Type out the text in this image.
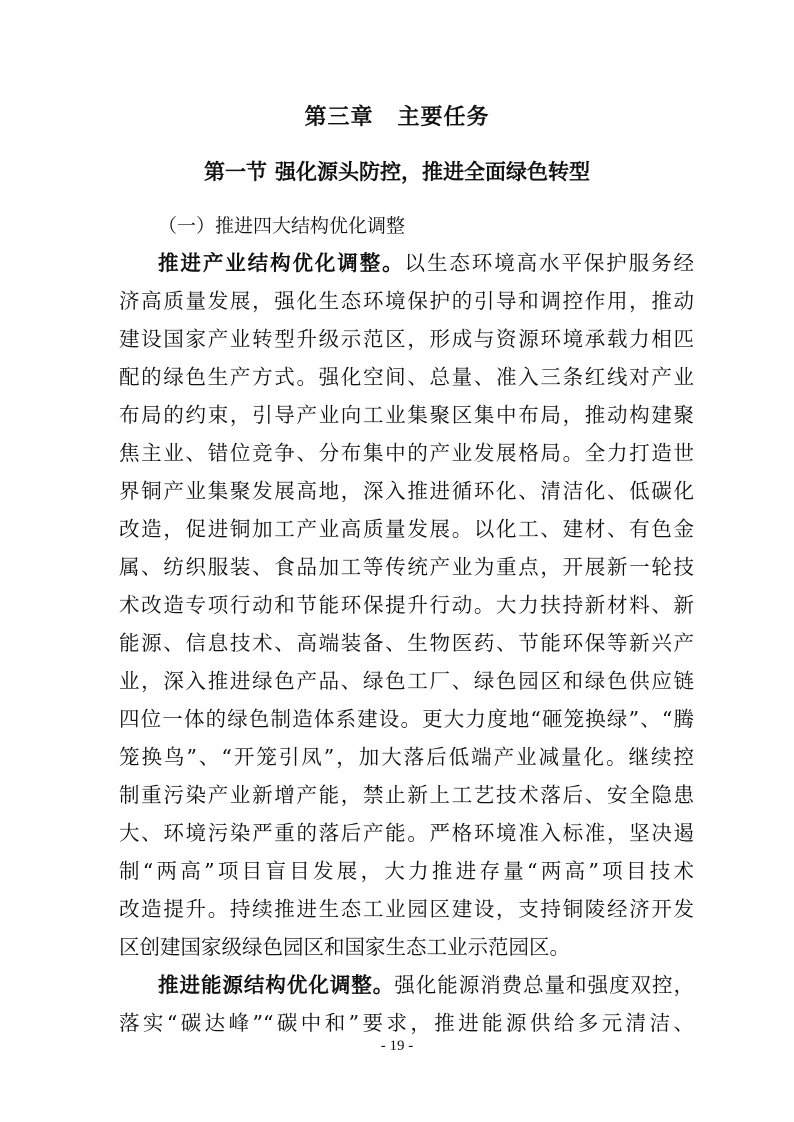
第三章 主要任务
第一节 强化源头防控，推进全面绿色转型
（一）推进四大结构优化调整
推进产业结构优化调整。以生态环境高水平保护服务经
济高质量发展，强化生态环境保护的引导和调控作用，推动
建设国家产业转型升级示范区，形成与资源环境承载力相匹
配的绿色生产方式。强化空间、总量、准入三条红线对产业
布局的约束，引导产业向工业集聚区集中布局，推动构建聚
焦主业、错位竞争、分布集中的产业发展格局。全力打造世
界铜产业集聚发展高地，深入推进循环化、清洁化、低碳化
改造，促进铜加工产业高质量发展。以化工、建材、有色金
属、纺织服装、食品加工等传统产业为重点，开展新一轮技
术改造专项行动和节能环保提升行动。大力扶持新材料、新
能源、信息技术、高端装备、生物医药、节能环保等新兴产
业，深入推进绿色产品、绿色工厂、绿色园区和绿色供应链
四位一体的绿色制造体系建设。更大力度地“砸笼换绿”、“腾
笼换鸟”、“开笼引凤”，加大落后低端产业减量化。继续控
制重污染产业新增产能，禁止新上工艺技术落后、安全隐患
大、环境污染严重的落后产能。严格环境准入标准，坚决遏
制“两高”项目盲目发展，大力推进存量“两高”项目技术
改造提升。持续推进生态工业园区建设，支持铜陵经济开发
区创建国家级绿色园区和国家生态工业示范园区。
推进能源结构优化调整。强化能源消费总量和强度双控，
落实“碳达峰”“碳中和”要求，推进能源供给多元清洁、
- 19 -
